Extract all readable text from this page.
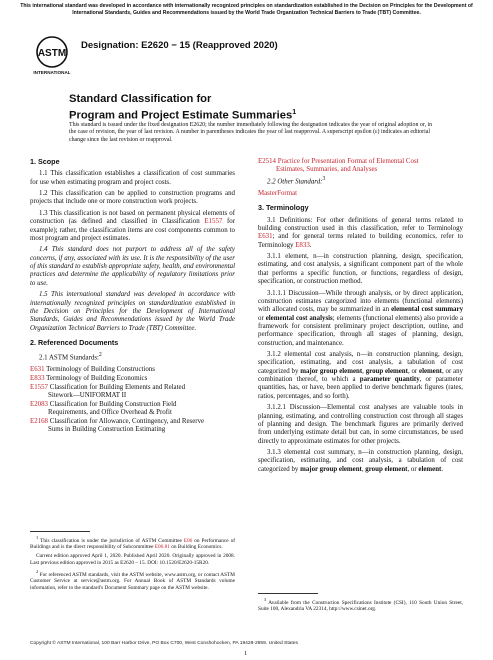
This international standard was developed in accordance with internationally recognized principles on standardization established in the Decision on Principles for the Development of International Standards, Guides and Recommendations issued by the World Trade Organization Technical Barriers to Trade (TBT) Committee.
ASTM
INTERNATIONAL
Designation: E2620 − 15 (Reapproved 2020)
Standard Classification for
Program and Project Estimate Summaries$^1$
This standard is issued under the fixed designation E2620; the number immediately following the designation indicates the year of original adoption or, in the case of revision, the year of last revision. A number in parentheses indicates the year of last reapproval. A superscript epsilon (ε) indicates an editorial change since the last revision or reapproval.
1. Scope

1.1 This classification establishes a classification of cost summaries for use when estimating program and project costs.

1.2 This classification can be applied to construction programs and projects that include one or more construction work projects.

1.3 This classification is not based on permanent physical elements of construction (as defined and classified in Classification E1557 for example); rather, the classification items are cost components common to most program and project estimates.

1.4 This standard does not purport to address all of the safety concerns, if any, associated with its use. It is the responsibility of the user of this standard to establish appropriate safety, health, and environmental practices and determine the applicability of regulatory limitations prior to use.

1.5 This international standard was developed in accordance with internationally recognized principles on standardization established in the Decision on Principles for the Development of International Standards, Guides and Recommendations issued by the World Trade Organization Technical Barriers to Trade (TBT) Committee.

2. Referenced Documents

2.1 ASTM Standards:$^2$

E631 Terminology of Building Constructions

E833 Terminology of Building Economics

E1557 Classification for Building Elements and Related
Sitework—UNIFORMAT II

E2083 Classification for Building Construction Field
Requirements, and Office Overhead & Profit

E2168 Classification for Allowance, Contingency, and Reserve
Sums in Building Construction Estimating

$^1$ This classification is under the jurisdiction of ASTM Committee E06 on Performance of Buildings and is the direct responsibility of Subcommittee E06.81 on Building Economics.

Current edition approved April 1, 2020. Published April 2020. Originally approved in 2008. Last previous edition approved in 2015 as E2620 – 15. DOI: 10.1520/E2620-15R20.

$^2$ For referenced ASTM standards, visit the ASTM website, www.astm.org, or contact ASTM Customer Service at service@astm.org. For Annual Book of ASTM Standards volume information, refer to the standard's Document Summary page on the ASTM website.

E2514 Practice for Presentation Format of Elemental Cost
Estimates, Summaries, and Analyses

2.2 Other Standard:$^3$

MasterFormat

3. Terminology

3.1 Definitions: For other definitions of general terms related to building construction used in this classification, refer to Terminology E631; and for general terms related to building economics, refer to Terminology E833.

3.1.1 element, n—in construction planning, design, specification, estimating, and cost analysis, a significant component part of the whole that performs a specific function, or functions, regardless of design, specification, or construction method.

3.1.1.1 Discussion—While through analysis, or by direct application, construction estimates categorized into elements (functional elements) with allocated costs, may be summarized in an elemental cost summary or elemental cost analysis; elements (functional elements) also provide a framework for consistent preliminary project description, outline, and performance specification, through all stages of planning, design, construction, and maintenance.

3.1.2 elemental cost analysis, n—in construction planning, design, specification, estimating, and cost analysis, a tabulation of cost categorized by major group element, group element, or element, or any combination thereof, to which a parameter quantity, or parameter quantities, has, or have, been applied to derive benchmark figures (rates, ratios, percentages, and so forth).

3.1.2.1 Discussion—Elemental cost analyses are valuable tools in planning, estimating, and controlling construction cost through all stages of planning and design. The benchmark figures are primarily derived from underlying estimate detail but can, in some circumstances, be used directly to approximate estimates for other projects.

3.1.3 elemental cost summary, n—in construction planning, design, specification, estimating, and cost analysis, a tabulation of cost categorized by major group element, group element, or element.

$^3$ Available from the Construction Specifications Institute (CSI), 110 South Union Street, Suite 100, Alexandria VA 22314, http://www.csinet.org.

Copyright © ASTM International, 100 Barr Harbor Drive, PO Box C700, West Conshohocken, PA 19428-2959. United States
1
